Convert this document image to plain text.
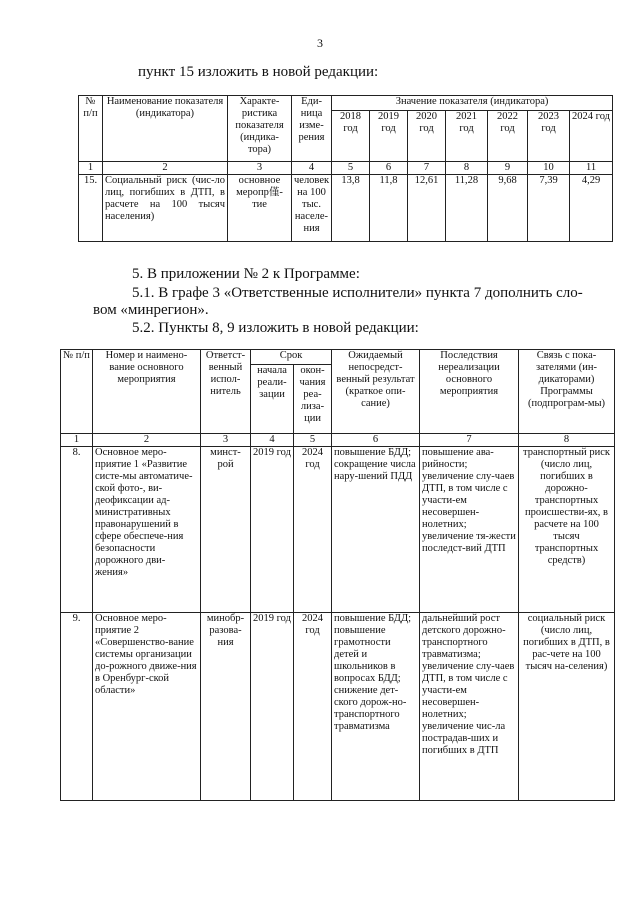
3
пункт 15 изложить в новой редакции:
№ п/п	Наименование показателя (индикатора)	Характе-ристика показателя (индика-тора)	Еди-ница изме-рения	Значение показателя (индикатора)						
				2018 год	2019 год	2020 год	2021 год	2022 год	2023 год	2024 год
1	2	3	4	5	6	7	8	9	10	11
15.	Социальный риск (чис-ло лиц, погибших в ДТП, в расчете на 100 тысяч населения)	основное меропр僅-тие	человек на 100 тыс. населе-ния	13,8	11,8	12,61	11,28	9,68	7,39	4,29
5. В приложении № 2 к Программе:
5.1. В графе 3 «Ответственные исполнители» пункта 7 дополнить сло-
вом «минрегион».
5.2. Пункты 8, 9 изложить в новой редакции:
№ п/п	Номер и наимено-вание основного мероприятия	Ответст-венный испол-нитель	Срок		Ожидаемый непосредст-венный результат (краткое опи-сание)	Последствия нереализации основного мероприятия	Связь с пока-зателями (ин-дикаторами) Программы (подпрограм-мы)
			начала реали-зации	окон-чания реа-лиза-ции			
1	2	3	4	5	6	7	8
8.	Основное меро-приятие 1 «Развитие систе-мы автоматиче-ской фото-, ви-деофиксации ад-министративных правонарушений в сфере обеспече-ния безопасности дорожного дви-жения»	минст-рой	2019 год	2024 год	повышение БДД; сокращение числа нару-шений ПДД	повышение ава-рийности; увеличение слу-чаев ДТП, в том числе с участи-ем несовершен-нолетних; увеличение тя-жести последст-вий ДТП	транспортный риск (число лиц, погибших в дорожно-транспортных происшестви-ях, в расчете на 100 тысяч транспортных средств)
9.	Основное меро-приятие 2 «Совершенство-вание системы организации до-рожного движе-ния в Оренбург-ской области»	минобр-разова-ния	2019 год	2024 год	повышение БДД; повышение грамотности детей и школьников в вопросах БДД; снижение дет-ского дорож-но-транспортного травматизма	дальнейший рост детского дорожно-транспортного травматизма; увеличение слу-чаев ДТП, в том числе с участи-ем несовершен-нолетних; увеличение чис-ла пострадав-ших и погибших в ДТП	социальный риск (число лиц, погибших в ДТП, в рас-чете на 100 тысяч на-селения)
